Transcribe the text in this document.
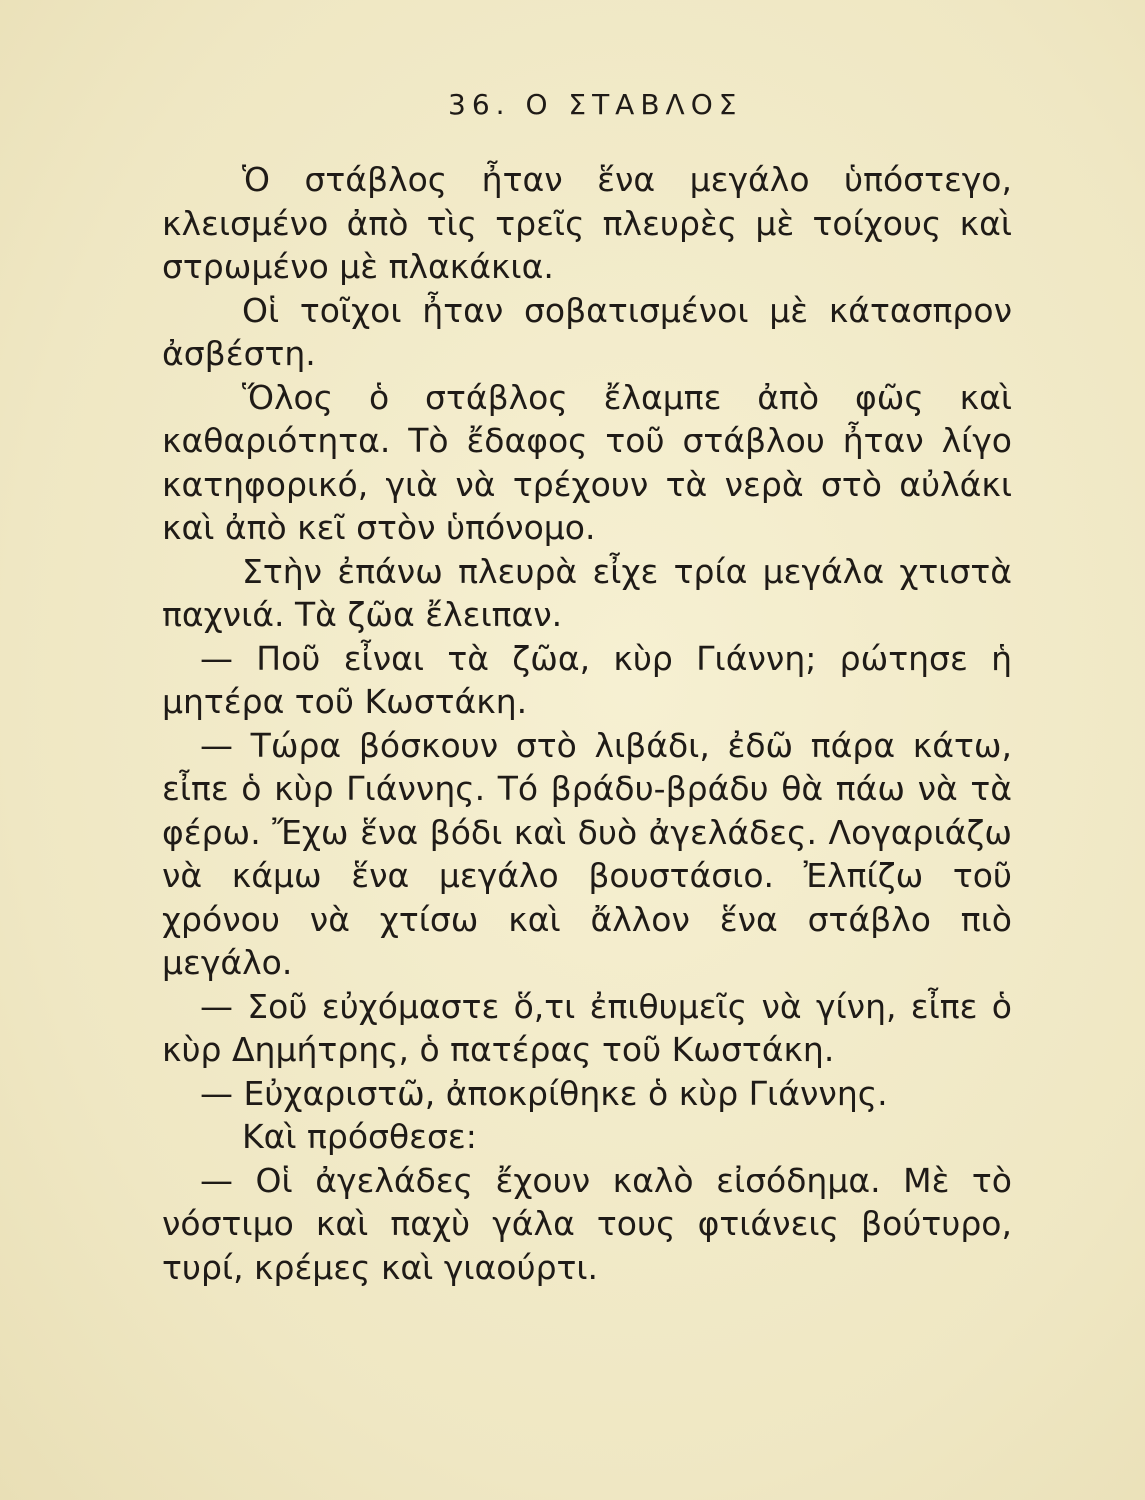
36. Ο ΣΤΑΒΛΟΣ

Ὁ στάβλος ἦταν ἕνα μεγάλο ὑπόστεγο, κλεισμένο ἀπὸ τὶς τρεῖς πλευρὲς μὲ τοίχους καὶ στρωμένο μὲ πλακάκια.

Οἱ τοῖχοι ἦταν σοβατισμένοι μὲ κάτασπρον ἀσβέστη.

Ὅλος ὁ στάβλος ἔλαμπε ἀπὸ φῶς καὶ καθαριότητα. Τὸ ἔδαφος τοῦ στάβλου ἦταν λίγο κατηφορικό, γιὰ νὰ τρέχουν τὰ νερὰ στὸ αὐλάκι καὶ ἀπὸ κεῖ στὸν ὑπόνομο.

Στὴν ἐπάνω πλευρὰ εἶχε τρία μεγάλα χτιστὰ παχνιά. Τὰ ζῶα ἔλειπαν.

— Ποῦ εἶναι τὰ ζῶα, κὺρ Γιάννη; ρώτησε ἡ μητέρα τοῦ Κωστάκη.

— Τώρα βόσκουν στὸ λιβάδι, ἐδῶ πάρα κάτω, εἶπε ὁ κὺρ Γιάννης. Τό βράδυ-βράδυ θὰ πάω νὰ τὰ φέρω. Ἔχω ἕνα βόδι καὶ δυὸ ἀγελάδες. Λογαριάζω νὰ κάμω ἕνα μεγάλο βουστάσιο. Ἐλπίζω τοῦ χρόνου νὰ χτίσω καὶ ἄλλον ἕνα στάβλο πιὸ μεγάλο.

— Σοῦ εὐχόμαστε ὅ,τι ἐπιθυμεῖς νὰ γίνη, εἶπε ὁ κὺρ Δημήτρης, ὁ πατέρας τοῦ Κωστάκη.

— Εὐχαριστῶ, ἀποκρίθηκε ὁ κὺρ Γιάννης.

Καὶ πρόσθεσε:

— Οἱ ἀγελάδες ἔχουν καλὸ εἰσόδημα. Μὲ τὸ νόστιμο καὶ παχὺ γάλα τους φτιάνεις βούτυρο, τυρί, κρέμες καὶ γιαούρτι.
